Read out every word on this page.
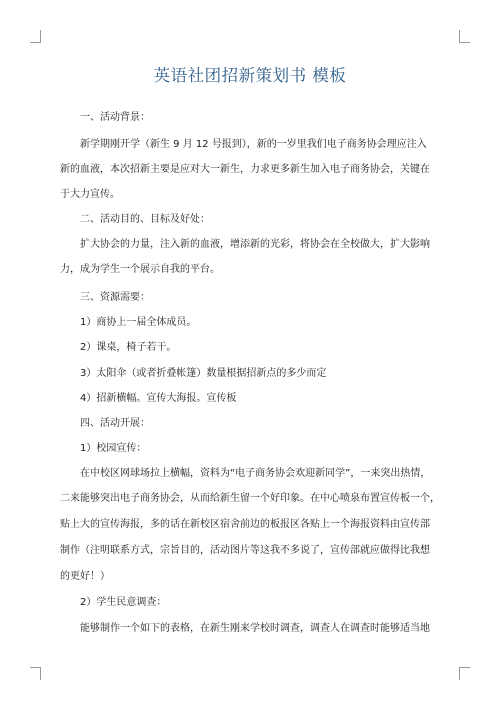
英语社团招新策划书 模板
一、活动背景：
新学期刚开学（新生 9 月 12 号报到），新的一岁里我们电子商务协会理应注入
新的血液，本次招新主要是应对大一新生，力求更多新生加入电子商务协会，关键在
于大力宣传。
二、活动目的、目标及好处：
扩大协会的力量，注入新的血液，增添新的光彩，将协会在全校做大，扩大影响
力，成为学生一个展示自我的平台。
三、资源需要：
1）商协上一届全体成员。
2）课桌，椅子若干。
3）太阳伞（或者折叠帐篷）数量根据招新点的多少而定
4）招新横幅。宣传大海报。宣传板
四、活动开展：
1）校园宣传：
在中校区网球场拉上横幅，资料为“电子商务协会欢迎新同学”，一来突出热情，
二来能够突出电子商务协会，从而给新生留一个好印象。在中心喷泉布置宣传板一个，
贴上大的宣传海报，多的话在新校区宿舍前边的板报区各贴上一个海报资料由宣传部
制作（注明联系方式，宗旨目的，活动图片等这我不多说了，宣传部就应做得比我想
的更好！）
2）学生民意调查：
能够制作一个如下的表格，在新生刚来学校时调查，调查人在调查时能够适当地
